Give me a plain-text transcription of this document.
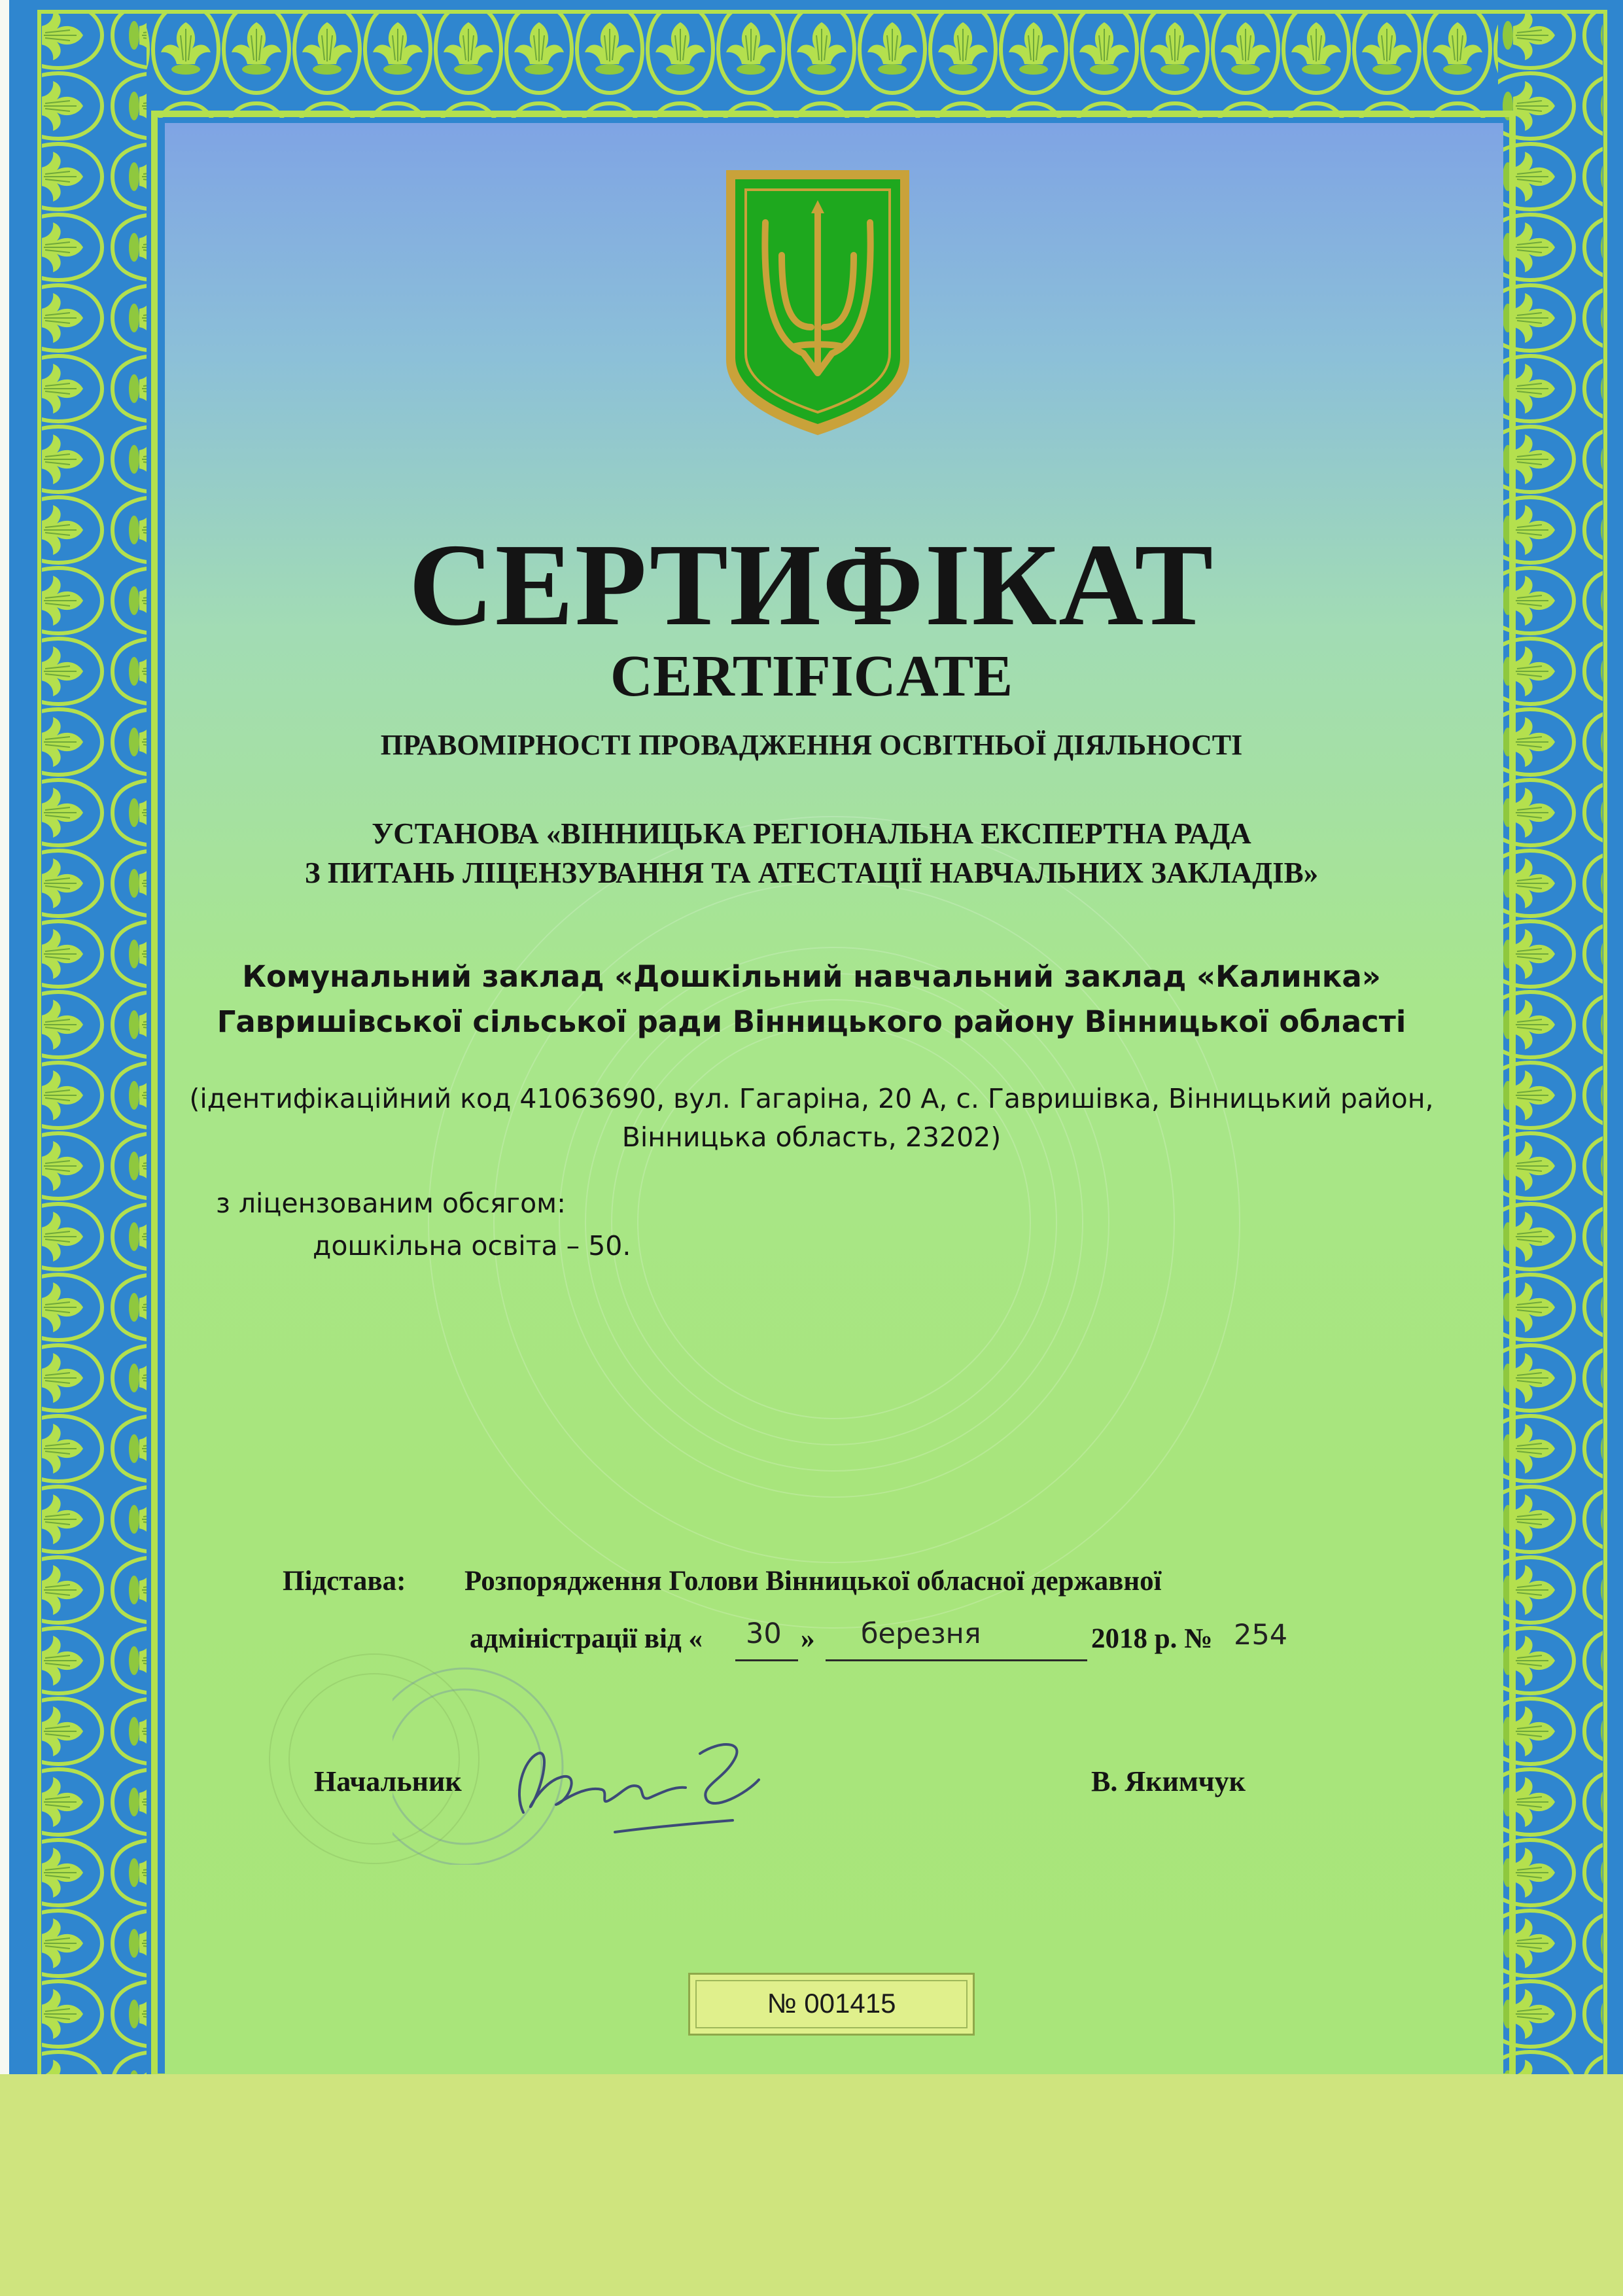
СЕРТИФІКАТ
CERTIFICATE
ПРАВОМІРНОСТІ ПРОВАДЖЕННЯ ОСВІТНЬОЇ ДІЯЛЬНОСТІ
УСТАНОВА «ВІННИЦЬКА РЕГІОНАЛЬНА ЕКСПЕРТНА РАДА
З ПИТАНЬ ЛІЦЕНЗУВАННЯ ТА АТЕСТАЦІЇ НАВЧАЛЬНИХ ЗАКЛАДІВ»
Комунальний заклад «Дошкільний навчальний заклад «Калинка»
Гавришівської сільської ради Вінницького району Вінницької області
(ідентифікаційний код 41063690, вул. Гагаріна, 20 А, с. Гавришівка, Вінницький район,
Вінницька область, 23202)
з ліцензованим обсягом:
дошкільна освіта – 50.
Підстава: Розпорядження Голови Вінницької обласної державної
адміністрації від « 30 » березня	2018 р. № 254
Начальник	В. Якимчук
№ 001415
